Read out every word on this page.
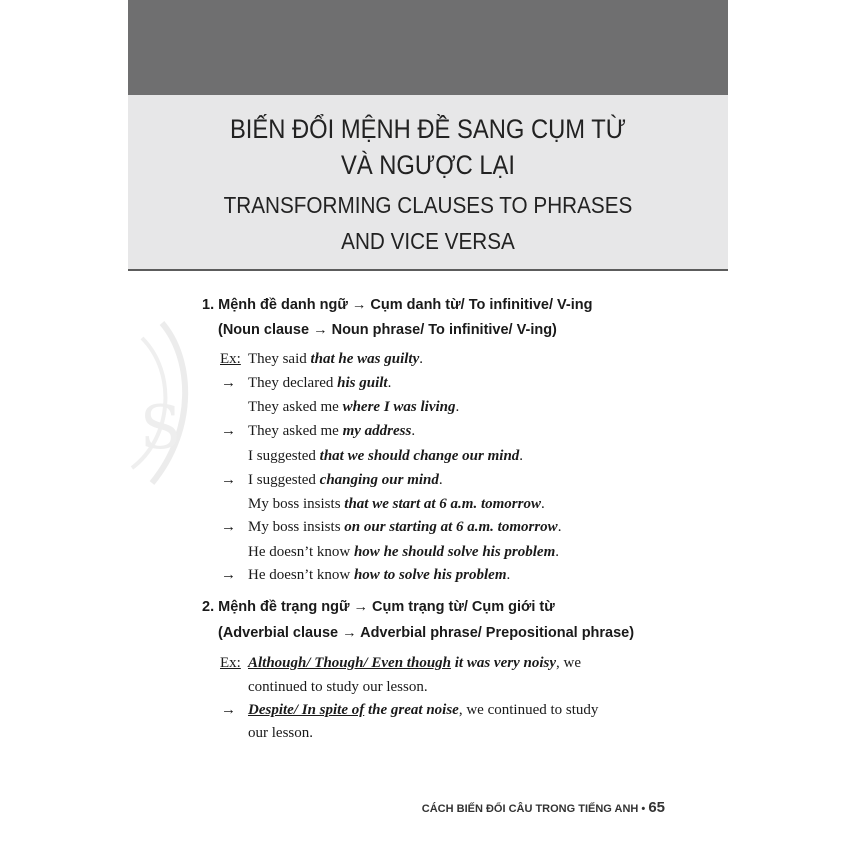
BIẾN ĐỔI MỆNH ĐỀ SANG CỤM TỪ
VÀ NGƯỢC LẠI
TRANSFORMING CLAUSES TO PHRASES
AND VICE VERSA
S
1. Mệnh đề danh ngữ → Cụm danh từ/ To infinitive/ V-ing
(Noun clause → Noun phrase/ To infinitive/ V-ing)
Ex: They said that he was guilty.
→ They declared his guilt.
They asked me where I was living.
→ They asked me my address.
I suggested that we should change our mind.
→ I suggested changing our mind.
My boss insists that we start at 6 a.m. tomorrow.
→ My boss insists on our starting at 6 a.m. tomorrow.
He doesn’t know how he should solve his problem.
→ He doesn’t know how to solve his problem.
2. Mệnh đề trạng ngữ → Cụm trạng từ/ Cụm giới từ
(Adverbial clause → Adverbial phrase/ Prepositional phrase)
Ex: Although/ Though/ Even though it was very noisy, we
continued to study our lesson.
→ Despite/ In spite of the great noise, we continued to study
our lesson.
CÁCH BIẾN ĐỔI CÂU TRONG TIẾNG ANH • 65
